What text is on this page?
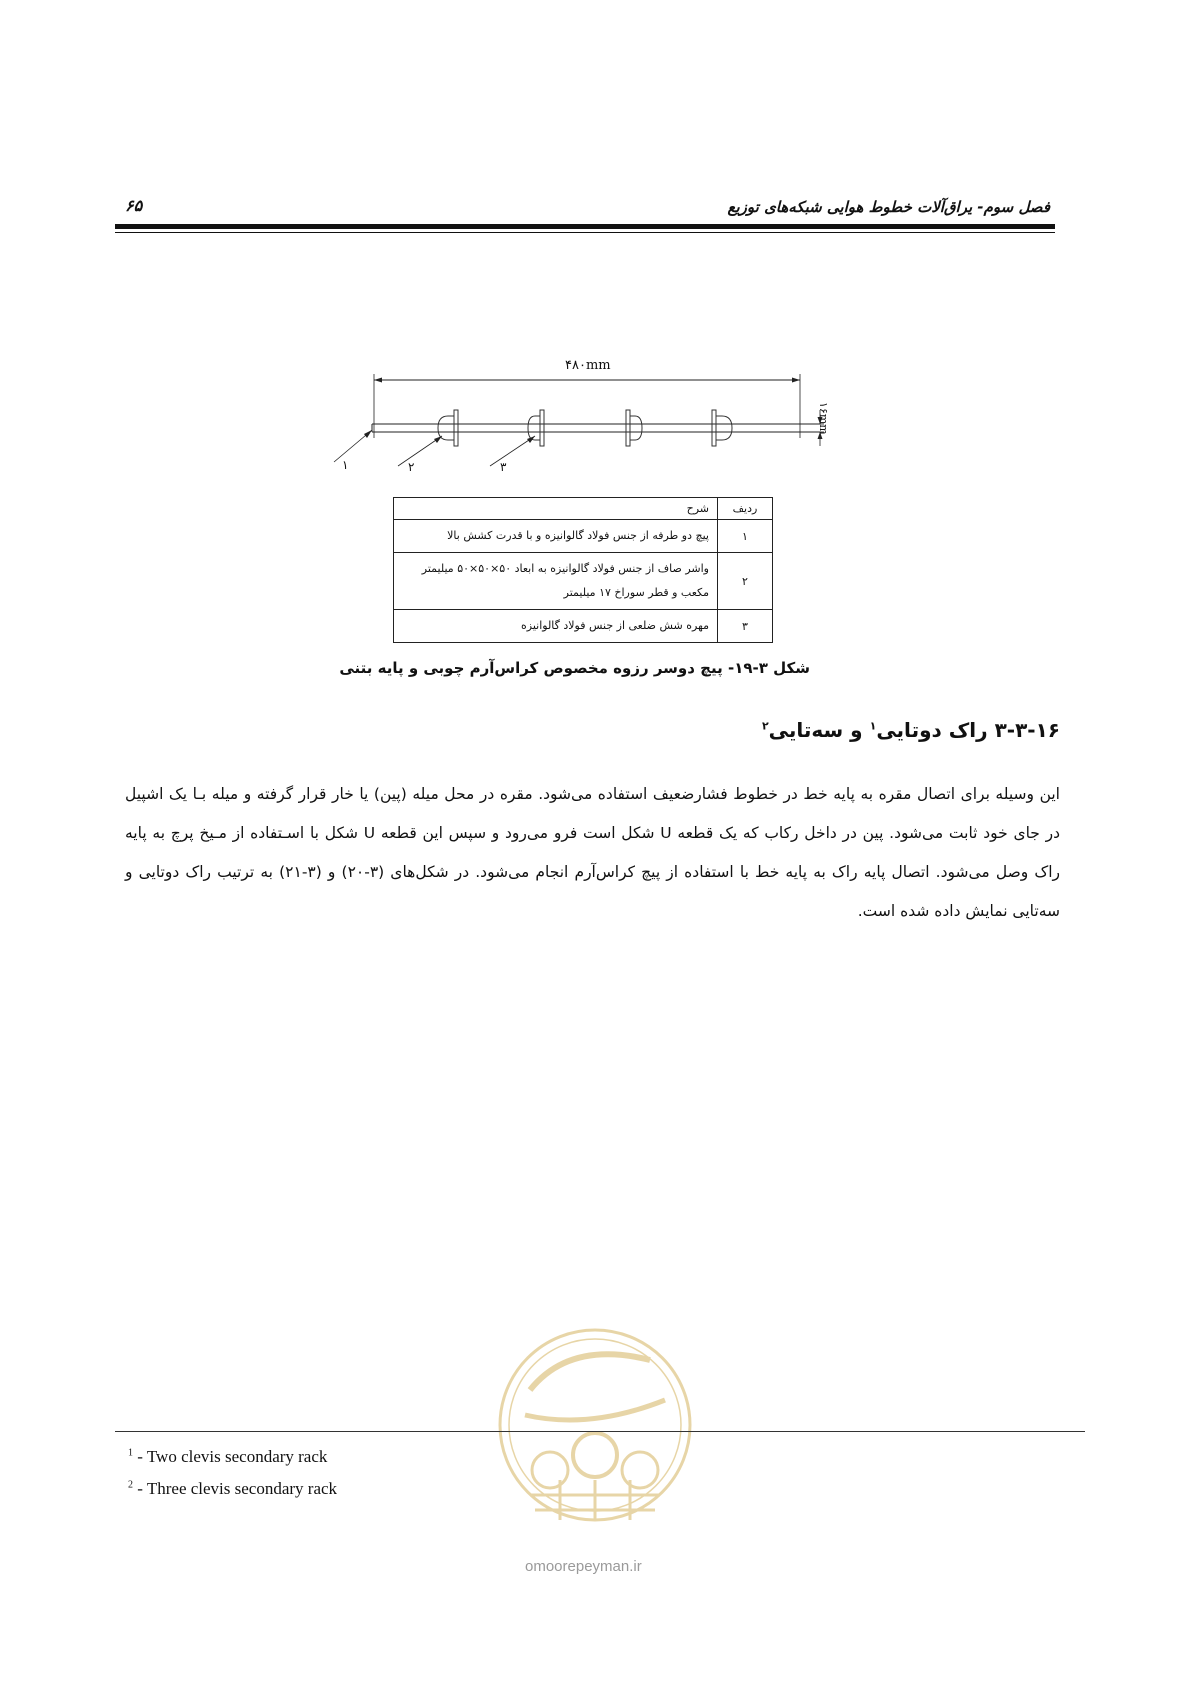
فصل سوم- یراق‌آلات خطوط هوایی شبکه‌های توزیع
۶۵
۴۸۰mm
۱۶mm
۱	۲	۳
ردیف	شرح
۱	پیچ دو طرفه از جنس فولاد گالوانیزه و با قدرت کشش بالا
۲	واشر صاف از جنس فولاد گالوانیزه به ابعاد ۵۰×۵۰×۵۰ میلیمتر مکعب و قطر سوراخ ۱۷ میلیمتر
۳	مهره شش ضلعی از جنس فولاد گالوانیزه
شکل ۳-۱۹- پیچ دوسر رزوه مخصوص کراس‌آرم چوبی و پایه بتنی
۳-۳-۱۶ راک دوتایی$^۱$ و سه‌تایی$^۲$
این وسیله برای اتصال مقره به پایه خط در خطوط فشارضعیف استفاده می‌شود. مقره در محل میله (پین) یا خار قرار گرفته و میله بـا یک اشپیل در جای خود ثابت می‌شود. پین در داخل رکاب که یک قطعه U شکل است فرو می‌رود و سپس این قطعه U شکل با اسـتفاده از مـیخ پرچ به پایه راک وصل می‌شود. اتصال پایه راک به پایه خط با استفاده از پیچ کراس‌آرم انجام می‌شود. در شکل‌های (۳-۲۰) و (۳-۲۱) به ترتیب راک دوتایی و سه‌تایی نمایش داده شده است.
omoorepeyman.ir
$^1$ - Two clevis secondary rack
$^2$ - Three clevis secondary rack
